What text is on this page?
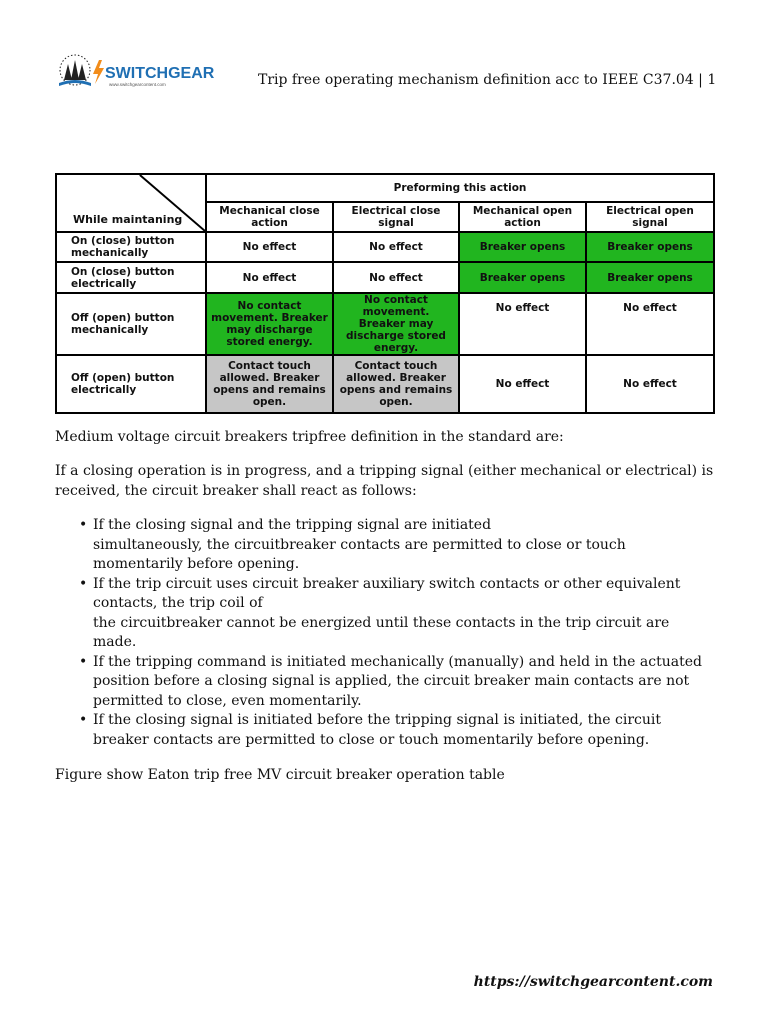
SWITCHGEAR
www.switchgearcontent.com	Trip free operating mechanism definition acc to IEEE C37.04 | 1
While maintaning	Preforming this action			
	Mechanical close action	Electrical close signal	Mechanical open action	Electrical open signal
On (close) button mechanically	No effect	No effect	Breaker opens	Breaker opens
On (close) button electrically	No effect	No effect	Breaker opens	Breaker opens
Off (open) button mechanically	No contact movement. Breaker may discharge stored energy.	No contact movement. Breaker may discharge stored energy.	No effect	No effect
Off (open) button electrically	Contact touch allowed. Breaker opens and remains open.	Contact touch allowed. Breaker opens and remains open.	No effect	No effect

Medium voltage circuit breakers tripfree definition in the standard are:

If a closing operation is in progress, and a tripping signal (either mechanical or electrical) is
received, the circuit breaker shall react as follows:

• If the closing signal and the tripping signal are initiated
simultaneously, the circuitbreaker contacts are permitted to close or touch
momentarily before opening.
• If the trip circuit uses circuit breaker auxiliary switch contacts or other equivalent
contacts, the trip coil of
the circuitbreaker cannot be energized until these contacts in the trip circuit are
made.
• If the tripping command is initiated mechanically (manually) and held in the actuated
position before a closing signal is applied, the circuit breaker main contacts are not
permitted to close, even momentarily.
• If the closing signal is initiated before the tripping signal is initiated, the circuit
breaker contacts are permitted to close or touch momentarily before opening.

Figure show Eaton trip free MV circuit breaker operation table

https://switchgearcontent.com
